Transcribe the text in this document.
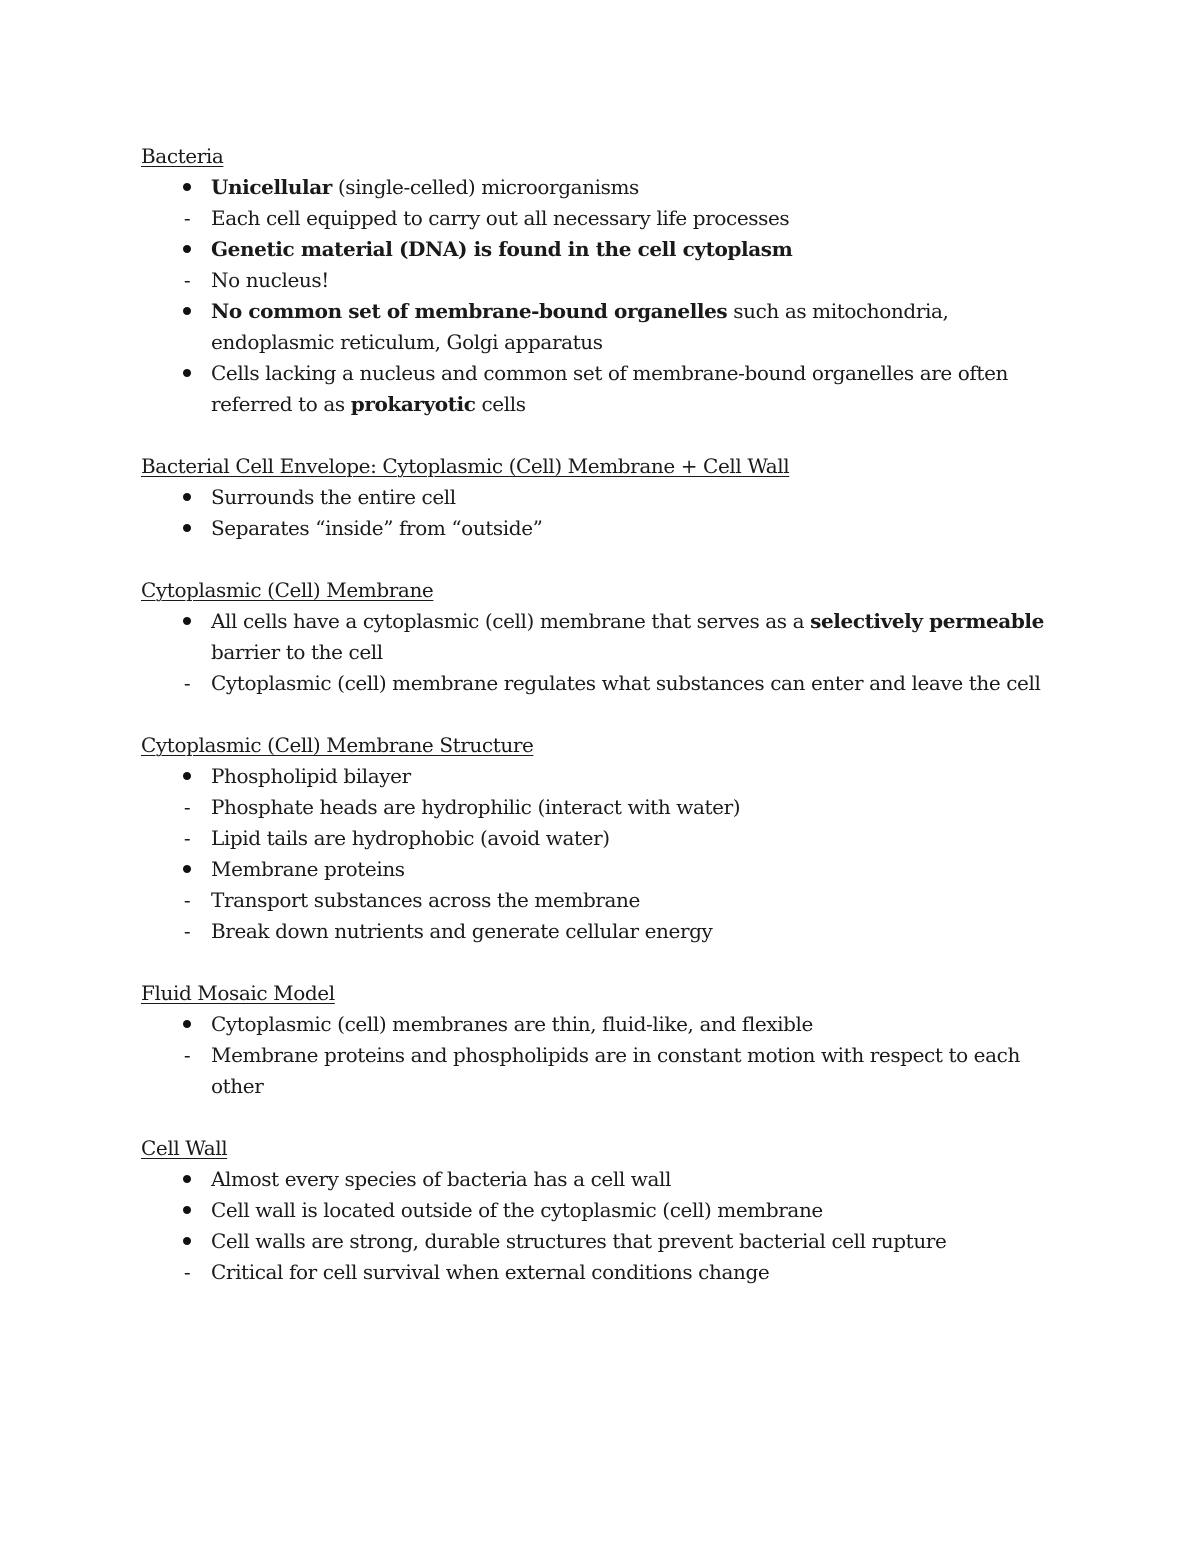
Bacteria
Unicellular (single-celled) microorganisms
-	Each cell equipped to carry out all necessary life processes
Genetic material (DNA) is found in the cell cytoplasm
-	No nucleus!
No common set of membrane-bound organelles such as mitochondria, endoplasmic reticulum, Golgi apparatus
Cells lacking a nucleus and common set of membrane-bound organelles are often referred to as prokaryotic cells
Bacterial Cell Envelope: Cytoplasmic (Cell) Membrane + Cell Wall
Surrounds the entire cell
Separates “inside” from “outside”
Cytoplasmic (Cell) Membrane
All cells have a cytoplasmic (cell) membrane that serves as a selectively permeable barrier to the cell
-	Cytoplasmic (cell) membrane regulates what substances can enter and leave the cell
Cytoplasmic (Cell) Membrane Structure
Phospholipid bilayer
-	Phosphate heads are hydrophilic (interact with water)
-	Lipid tails are hydrophobic (avoid water)
Membrane proteins
-	Transport substances across the membrane
-	Break down nutrients and generate cellular energy
Fluid Mosaic Model
Cytoplasmic (cell) membranes are thin, fluid-like, and flexible
-	Membrane proteins and phospholipids are in constant motion with respect to each other
Cell Wall
Almost every species of bacteria has a cell wall
Cell wall is located outside of the cytoplasmic (cell) membrane
Cell walls are strong, durable structures that prevent bacterial cell rupture
-	Critical for cell survival when external conditions change
